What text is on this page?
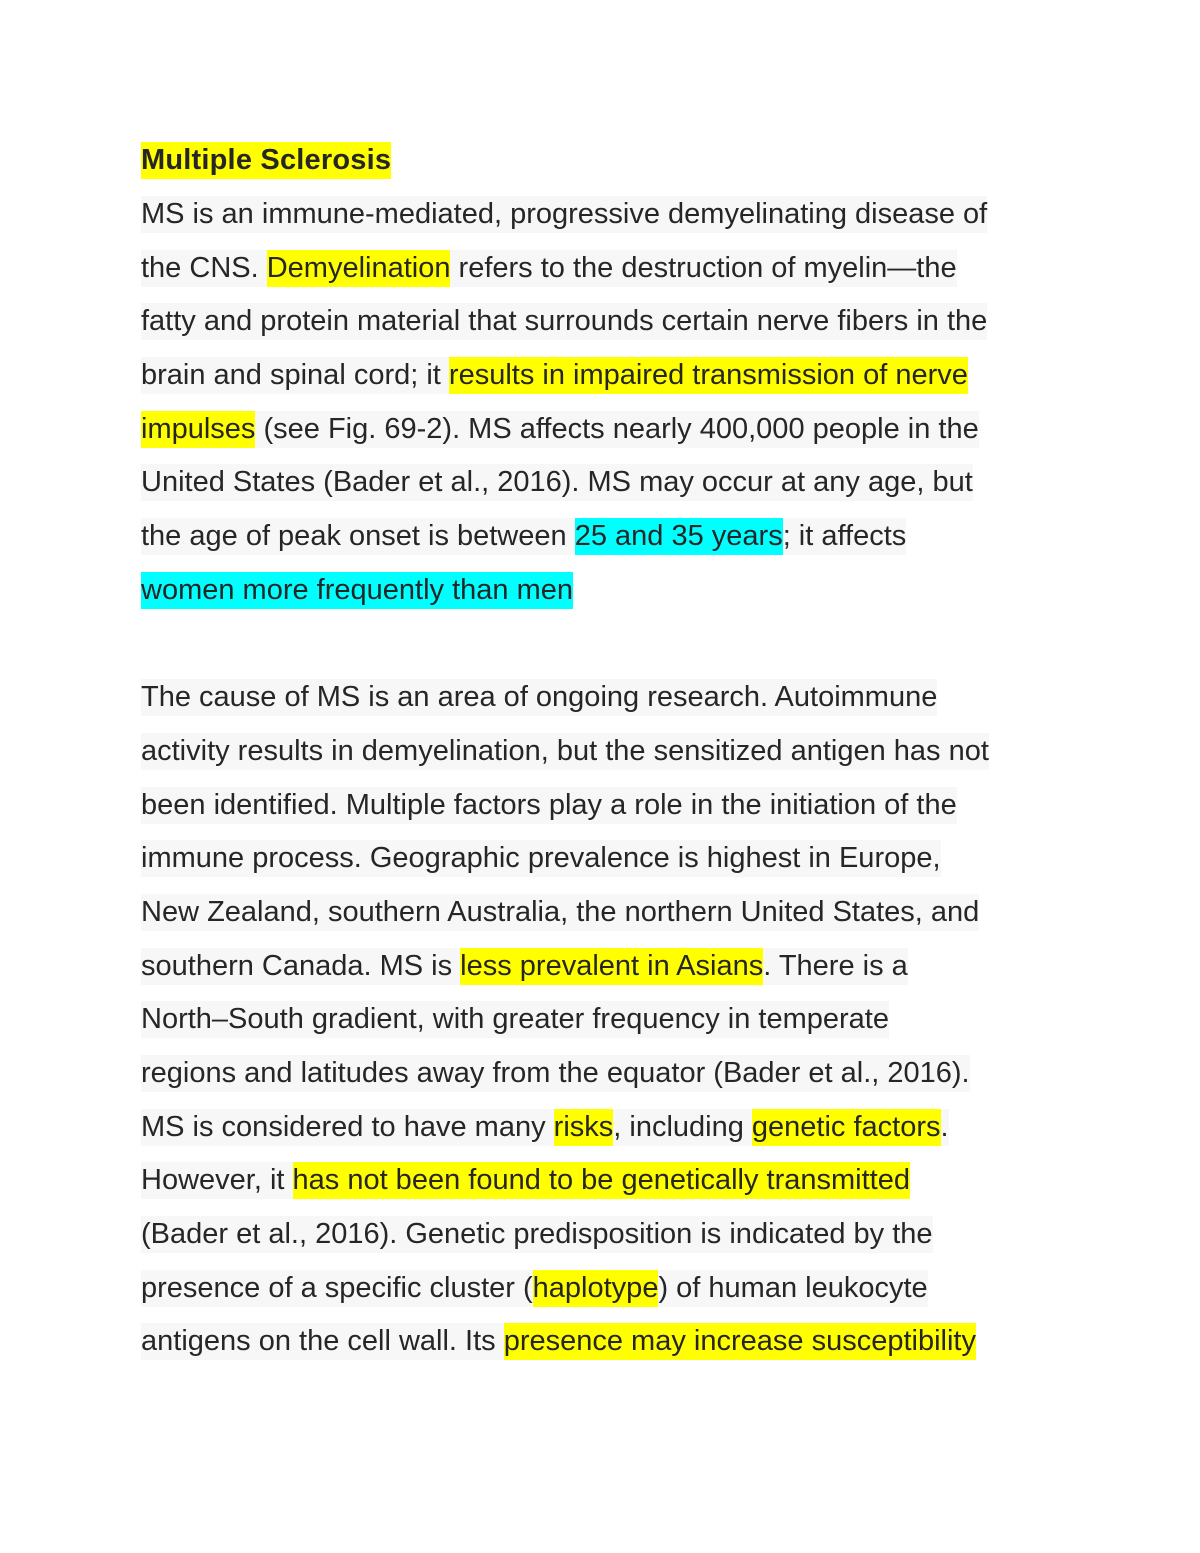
Multiple Sclerosis
MS is an immune-mediated, progressive demyelinating disease of
the CNS. Demyelination refers to the destruction of myelin—the
fatty and protein material that surrounds certain nerve fibers in the
brain and spinal cord; it results in impaired transmission of nerve
impulses (see Fig. 69-2). MS affects nearly 400,000 people in the
United States (Bader et al., 2016). MS may occur at any age, but
the age of peak onset is between 25 and 35 years; it affects
women more frequently than men
The cause of MS is an area of ongoing research. Autoimmune
activity results in demyelination, but the sensitized antigen has not
been identified. Multiple factors play a role in the initiation of the
immune process. Geographic prevalence is highest in Europe,
New Zealand, southern Australia, the northern United States, and
southern Canada. MS is less prevalent in Asians. There is a
North–South gradient, with greater frequency in temperate
regions and latitudes away from the equator (Bader et al., 2016).
MS is considered to have many risks, including genetic factors.
However, it has not been found to be genetically transmitted
(Bader et al., 2016). Genetic predisposition is indicated by the
presence of a specific cluster (haplotype) of human leukocyte
antigens on the cell wall. Its presence may increase susceptibility
